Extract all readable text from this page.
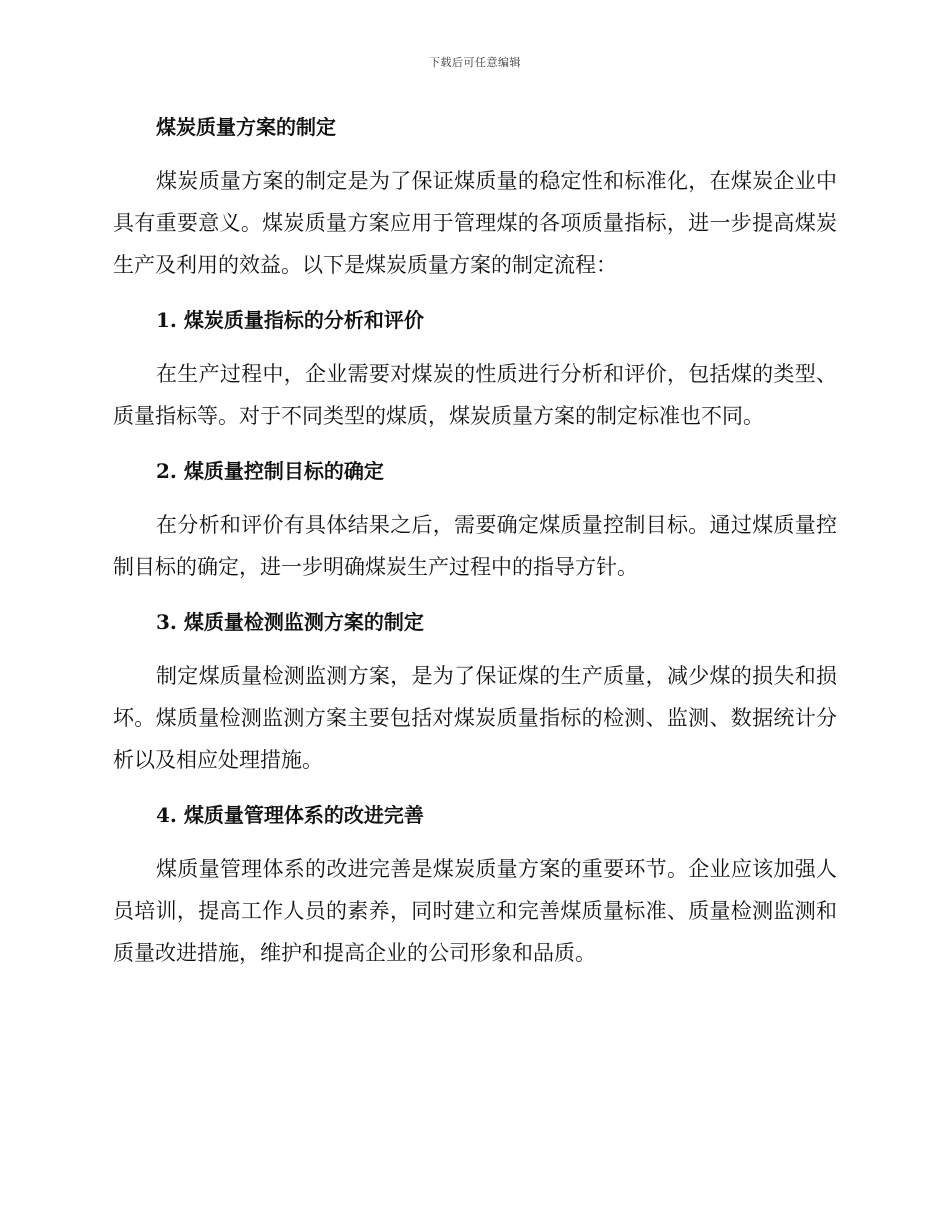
下载后可任意编辑
煤炭质量方案的制定

煤炭质量方案的制定是为了保证煤质量的稳定性和标准化，在煤炭企业中具有重要意义。煤炭质量方案应用于管理煤的各项质量指标，进一步提高煤炭生产及利用的效益。以下是煤炭质量方案的制定流程：

1. 煤炭质量指标的分析和评价

在生产过程中，企业需要对煤炭的性质进行分析和评价，包括煤的类型、质量指标等。对于不同类型的煤质，煤炭质量方案的制定标准也不同。

2. 煤质量控制目标的确定

在分析和评价有具体结果之后，需要确定煤质量控制目标。通过煤质量控制目标的确定，进一步明确煤炭生产过程中的指导方针。

3. 煤质量检测监测方案的制定

制定煤质量检测监测方案，是为了保证煤的生产质量，减少煤的损失和损坏。煤质量检测监测方案主要包括对煤炭质量指标的检测、监测、数据统计分析以及相应处理措施。

4. 煤质量管理体系的改进完善

煤质量管理体系的改进完善是煤炭质量方案的重要环节。企业应该加强人员培训，提高工作人员的素养，同时建立和完善煤质量标准、质量检测监测和质量改进措施，维护和提高企业的公司形象和品质。
